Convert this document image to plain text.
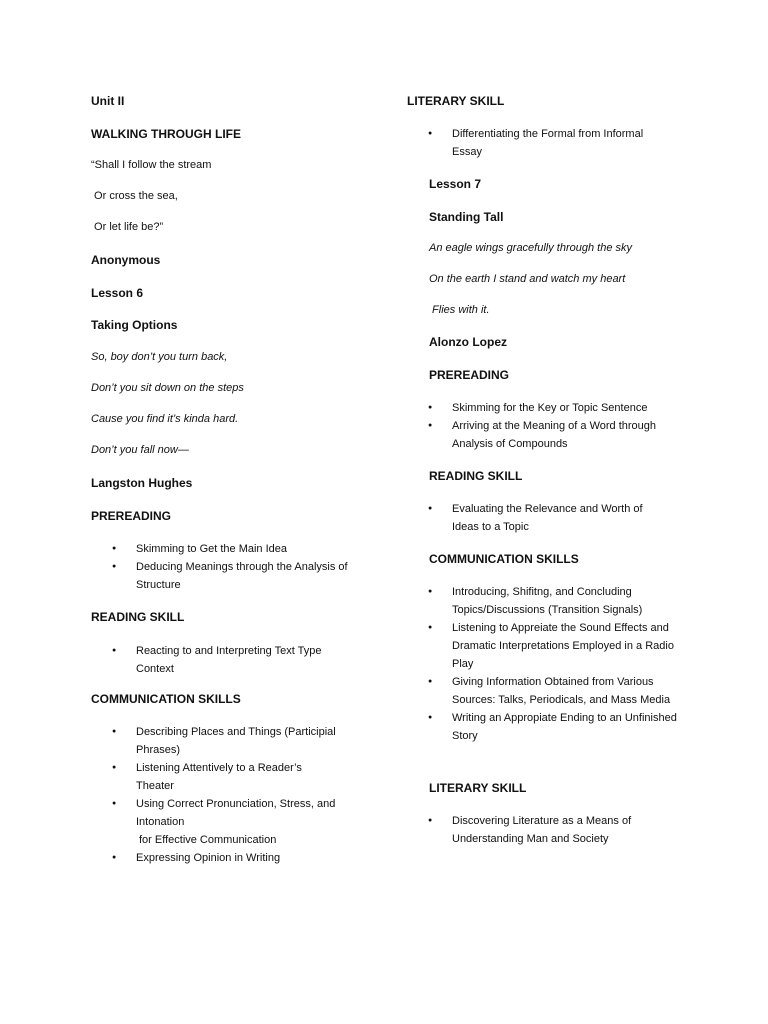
Unit II
WALKING THROUGH LIFE
“Shall I follow the stream
Or cross the sea,
Or let life be?”
Anonymous
Lesson 6
Taking Options
So, boy don’t you turn back,
Don’t you sit down on the steps
Cause you find it’s kinda hard.
Don’t you fall now—
Langston Hughes
PREREADING
● Skimming to Get the Main Idea
● Deducing Meanings through the Analysis of Structure
READING SKILL
● Reacting to and Interpreting Text Type Context
COMMUNICATION SKILLS
● Describing Places and Things (Participial Phrases)
● Listening Attentively to a Reader’s Theater
● Using Correct Pronunciation, Stress, and Intonation
for Effective Communication
● Expressing Opinion in Writing
LITERARY SKILL
● Differentiating the Formal from Informal Essay
Lesson 7
Standing Tall
An eagle wings gracefully through the sky
On the earth I stand and watch my heart
Flies with it.
Alonzo Lopez
PREREADING
● Skimming for the Key or Topic Sentence
● Arriving at the Meaning of a Word through Analysis of Compounds
READING SKILL
● Evaluating the Relevance and Worth of Ideas to a Topic
COMMUNICATION SKILLS
● Introducing, Shifitng, and Concluding Topics/Discussions (Transition Signals)
● Listening to Appreiate the Sound Effects and Dramatic Interpretations Employed in a Radio Play
● Giving Information Obtained from Various Sources: Talks, Periodicals, and Mass Media
● Writing an Appropiate Ending to an Unfinished Story
LITERARY SKILL
● Discovering Literature as a Means of Understanding Man and Society
